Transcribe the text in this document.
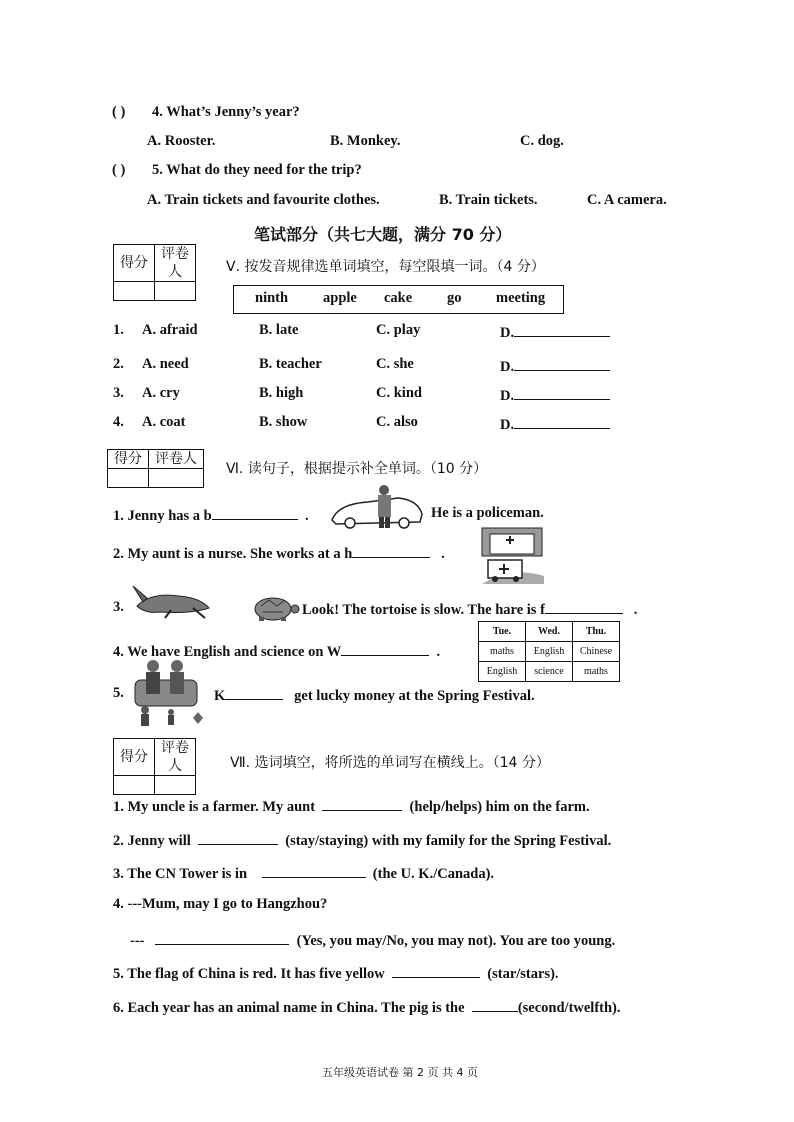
( ) 4. What’s Jenny’s year?
A. Rooster.	B. Monkey.	C. dog.
( ) 5. What do they need for the trip?
A. Train tickets and favourite clothes.	B. Train tickets.	C. A camera.
笔试部分（共七大题，满分 70 分）
得分	评卷人
		Ⅴ. 按发音规律选单词填空，每空限填一词。（4 分）
ninth apple cake go meeting
1. A. afraid	B. late	C. play	D.
2. A. need	B. teacher	C. she	D.
3. A. cry	B. high	C. kind	D.
4. A. coat	B. show	C. also	D.
得分	评卷人

Ⅵ. 读句子，根据提示补全单词。（10 分）
1. Jenny has a b	.	He is a policeman.
2. My aunt is a nurse. She works at a h	.
3.	Look! The tortoise is slow. The hare is f	.
4. We have English and science on W	.
Tue.	Wed.	Thu.
maths	English	Chinese
English	science	maths
5.	K	get lucky money at the Spring Festival.
得分	评卷人
		Ⅶ. 选词填空，将所选的单词写在横线上。（14 分）
1. My uncle is a farmer. My aunt	(help/helps) him on the farm.
2. Jenny will	(stay/staying) with my family for the Spring Festival.
3. The CN Tower is in	(the U. K./Canada).
4. ---Mum, may I go to Hangzhou?
---	(Yes, you may/No, you may not). You are too young.
5. The flag of China is red. It has five yellow	(star/stars).
6. Each year has an animal name in China. The pig is the	(second/twelfth).
五年级英语试卷 第 2 页 共 4 页
